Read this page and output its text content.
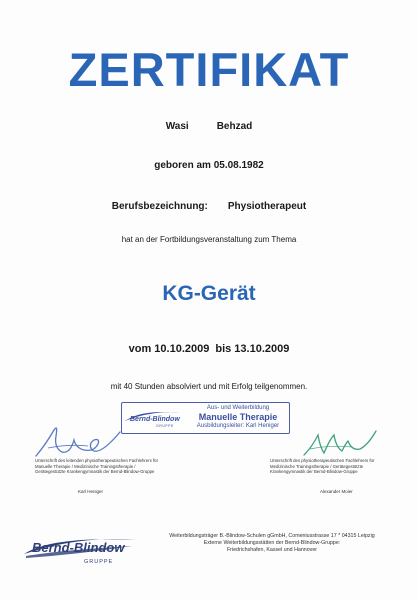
ZERTIFIKAT
Wasi	Behzad
geboren am 05.08.1982
Berufsbezeichnung: Physiotherapeut
hat an der Fortbildungsveranstaltung zum Thema
KG-Gerät
vom 10.10.2009 bis 13.10.2009
mit 40 Stunden absolviert und mit Erfolg teilgenommen.
Bernd-Blindow
GRUPPE
Aus- und Weiterbildung
Manuelle Therapie
Ausbildungsleiter: Karl Heniger
Unterschrift des leitenden physiotherapeutischen Fachlehrers für Manuelle Therapie / Medizinische Trainingstherapie / Gerätegestützte Krankengymnastik der Bernd-Blindow-Gruppe
Unterschrift des physiotherapeutischen Fachlehrers für Medizinische Trainingstherapie / Gerätegestützte Krankengymnastik der Bernd-Blindow-Gruppe
Karl Heniger	Alexander Moier
Bernd-Blindow
GRUPPE
Weiterbildungsträger B.-Blindow-Schulen gGmbH, Comeniusstrasse 17 * 04315 Leipzig
Externe Weiterbildungsstätten der Bernd-Blindow-Gruppe:
Friedrichshafen, Kassel und Hannover
